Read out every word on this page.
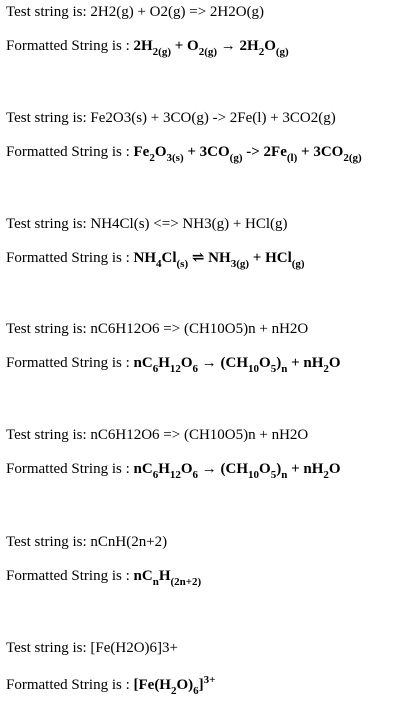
Test string is: 2H2(g) + O2(g) => 2H2O(g)
Formatted String is : $2H_{2(g)} + O_{2(g)} \to 2H_2O_{(g)}$
Test string is: Fe2O3(s) + 3CO(g) -> 2Fe(l) + 3CO2(g)
Formatted String is : $Fe_2O_{3(s)} + 3CO_{(g)} -> 2Fe_{(l)} + 3CO_{2(g)}$
Test string is: NH4Cl(s) <=> NH3(g) + HCl(g)
Formatted String is : $NH_4Cl_{(s)}$ ⇌ $NH_{3(g)} + HCl_{(g)}$
Test string is: nC6H12O6 => (CH10O5)n + nH2O
Formatted String is : $nC_6H_{12}O_6 \to (CH_{10}O_5)_n + nH_2O$
Test string is: nC6H12O6 => (CH10O5)n + nH2O
Formatted String is : $nC_6H_{12}O_6 \to (CH_{10}O_5)_n + nH_2O$
Test string is: nCnH(2n+2)
Formatted String is : $nC_nH_{(2n+2)}$
Test string is: [Fe(H2O)6]3+
Formatted String is : $[Fe(H_2O)_6]^{3+}$
